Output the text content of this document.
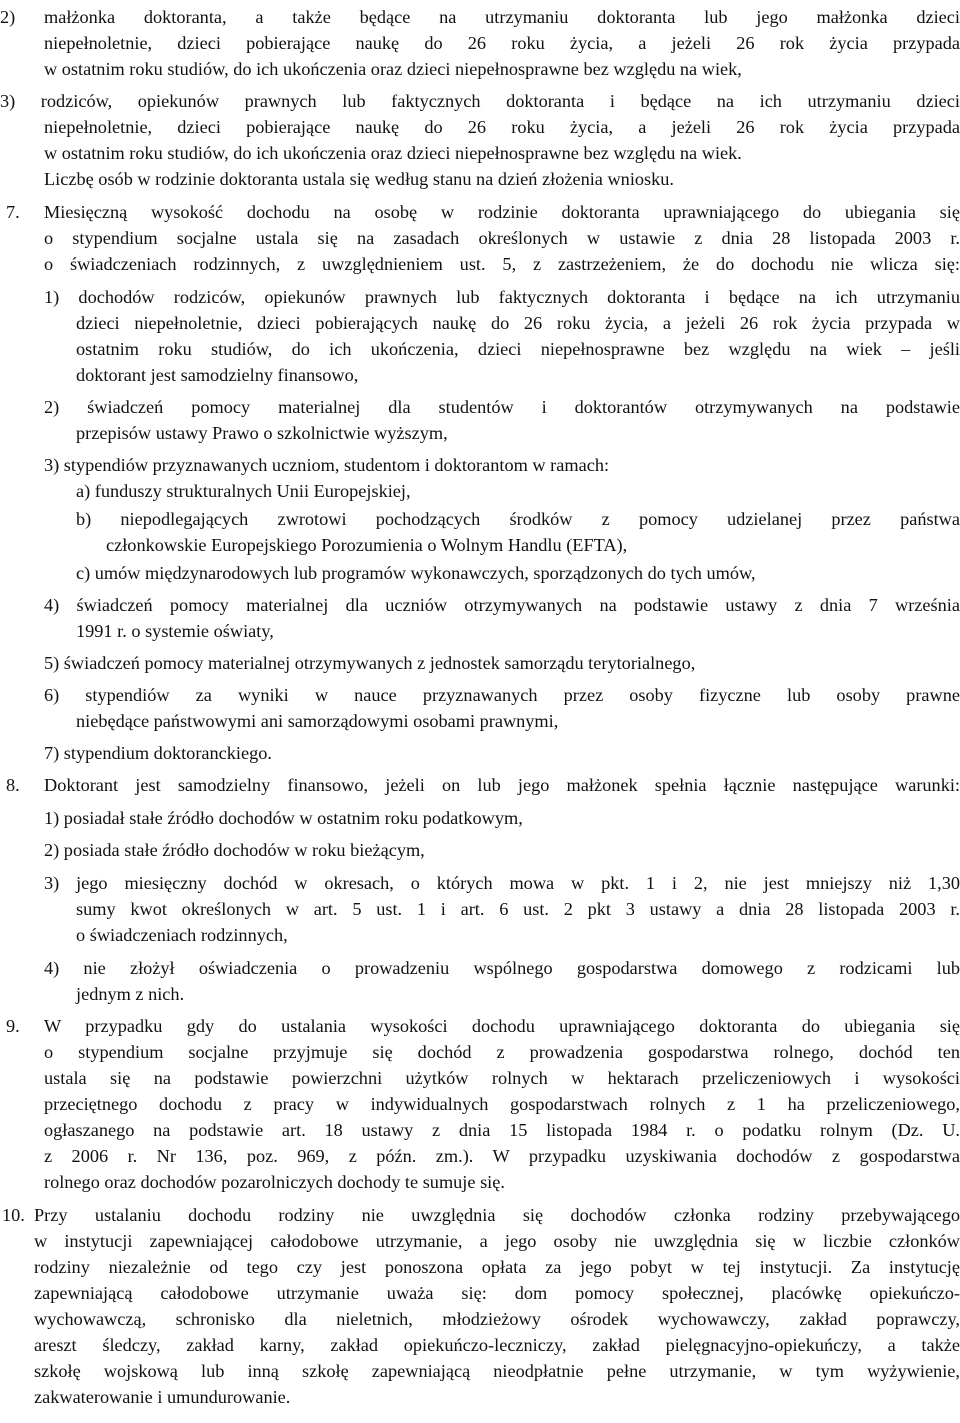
2) małżonka doktoranta, a także będące na utrzymaniu doktoranta lub jego małżonka dzieci

niepełnoletnie, dzieci pobierające naukę do 26 roku życia, a jeżeli 26 rok życia przypada

w ostatnim roku studiów, do ich ukończenia oraz dzieci niepełnosprawne bez względu na wiek,

3) rodziców, opiekunów prawnych lub faktycznych doktoranta i będące na ich utrzymaniu dzieci

niepełnoletnie, dzieci pobierające naukę do 26 roku życia, a jeżeli 26 rok życia przypada

w ostatnim roku studiów, do ich ukończenia oraz dzieci niepełnosprawne bez względu na wiek.

Liczbę osób w rodzinie doktoranta ustala się według stanu na dzień złożenia wniosku.

7.	Miesięczną wysokość dochodu na osobę w rodzinie doktoranta uprawniającego do ubiegania się

o stypendium socjalne ustala się na zasadach określonych w ustawie z dnia 28 listopada 2003 r.

o świadczeniach rodzinnych, z uwzględnieniem ust. 5, z zastrzeżeniem, że do dochodu nie wlicza się:

1) dochodów rodziców, opiekunów prawnych lub faktycznych doktoranta i będące na ich utrzymaniu

dzieci niepełnoletnie, dzieci pobierających naukę do 26 roku życia, a jeżeli 26 rok życia przypada w

ostatnim roku studiów, do ich ukończenia, dzieci niepełnosprawne bez względu na wiek – jeśli

doktorant jest samodzielny finansowo,

2) świadczeń pomocy materialnej dla studentów i doktorantów otrzymywanych na podstawie

przepisów ustawy Prawo o szkolnictwie wyższym,

3) stypendiów przyznawanych uczniom, studentom i doktorantom w ramach:

a) funduszy strukturalnych Unii Europejskiej,

b) niepodlegających zwrotowi pochodzących środków z pomocy udzielanej przez państwa

członkowskie Europejskiego Porozumienia o Wolnym Handlu (EFTA),

c) umów międzynarodowych lub programów wykonawczych, sporządzonych do tych umów,

4) świadczeń pomocy materialnej dla uczniów otrzymywanych na podstawie ustawy z dnia 7 września

1991 r. o systemie oświaty,

5) świadczeń pomocy materialnej otrzymywanych z jednostek samorządu terytorialnego,

6) stypendiów za wyniki w nauce przyznawanych przez osoby fizyczne lub osoby prawne

niebędące państwowymi ani samorządowymi osobami prawnymi,

7) stypendium doktoranckiego.

8.	Doktorant jest samodzielny finansowo, jeżeli on lub jego małżonek spełnia łącznie następujące warunki:

1) posiadał stałe źródło dochodów w ostatnim roku podatkowym,

2) posiada stałe źródło dochodów w roku bieżącym,

3) jego miesięczny dochód w okresach, o których mowa w pkt. 1 i 2, nie jest mniejszy niż 1,30

sumy kwot określonych w art. 5 ust. 1 i art. 6 ust. 2 pkt 3 ustawy a dnia 28 listopada 2003 r.

o świadczeniach rodzinnych,

4) nie złożył oświadczenia o prowadzeniu wspólnego gospodarstwa domowego z rodzicami lub

jednym z nich.

9.	W przypadku gdy do ustalania wysokości dochodu uprawniającego doktoranta do ubiegania się

o stypendium socjalne przyjmuje się dochód z prowadzenia gospodarstwa rolnego, dochód ten

ustala się na podstawie powierzchni użytków rolnych w hektarach przeliczeniowych i wysokości

przeciętnego dochodu z pracy w indywidualnych gospodarstwach rolnych z 1 ha przeliczeniowego,

ogłaszanego na podstawie art. 18 ustawy z dnia 15 listopada 1984 r. o podatku rolnym (Dz. U.

z 2006 r. Nr 136, poz. 969, z późn. zm.). W przypadku uzyskiwania dochodów z gospodarstwa

rolnego oraz dochodów pozarolniczych dochody te sumuje się.

10. Przy ustalaniu dochodu rodziny nie uwzględnia się dochodów członka rodziny przebywającego

w instytucji zapewniającej całodobowe utrzymanie, a jego osoby nie uwzględnia się w liczbie członków

rodziny niezależnie od tego czy jest ponoszona opłata za jego pobyt w tej instytucji. Za instytucję

zapewniającą całodobowe utrzymanie uważa się: dom pomocy społecznej, placówkę opiekuńczo-

wychowawczą, schronisko dla nieletnich, młodzieżowy ośrodek wychowawczy, zakład poprawczy,

areszt śledczy, zakład karny, zakład opiekuńczo-leczniczy, zakład pielęgnacyjno-opiekuńczy, a także

szkołę wojskową lub inną szkołę zapewniającą nieodpłatnie pełne utrzymanie, w tym wyżywienie,

zakwaterowanie i umundurowanie.
